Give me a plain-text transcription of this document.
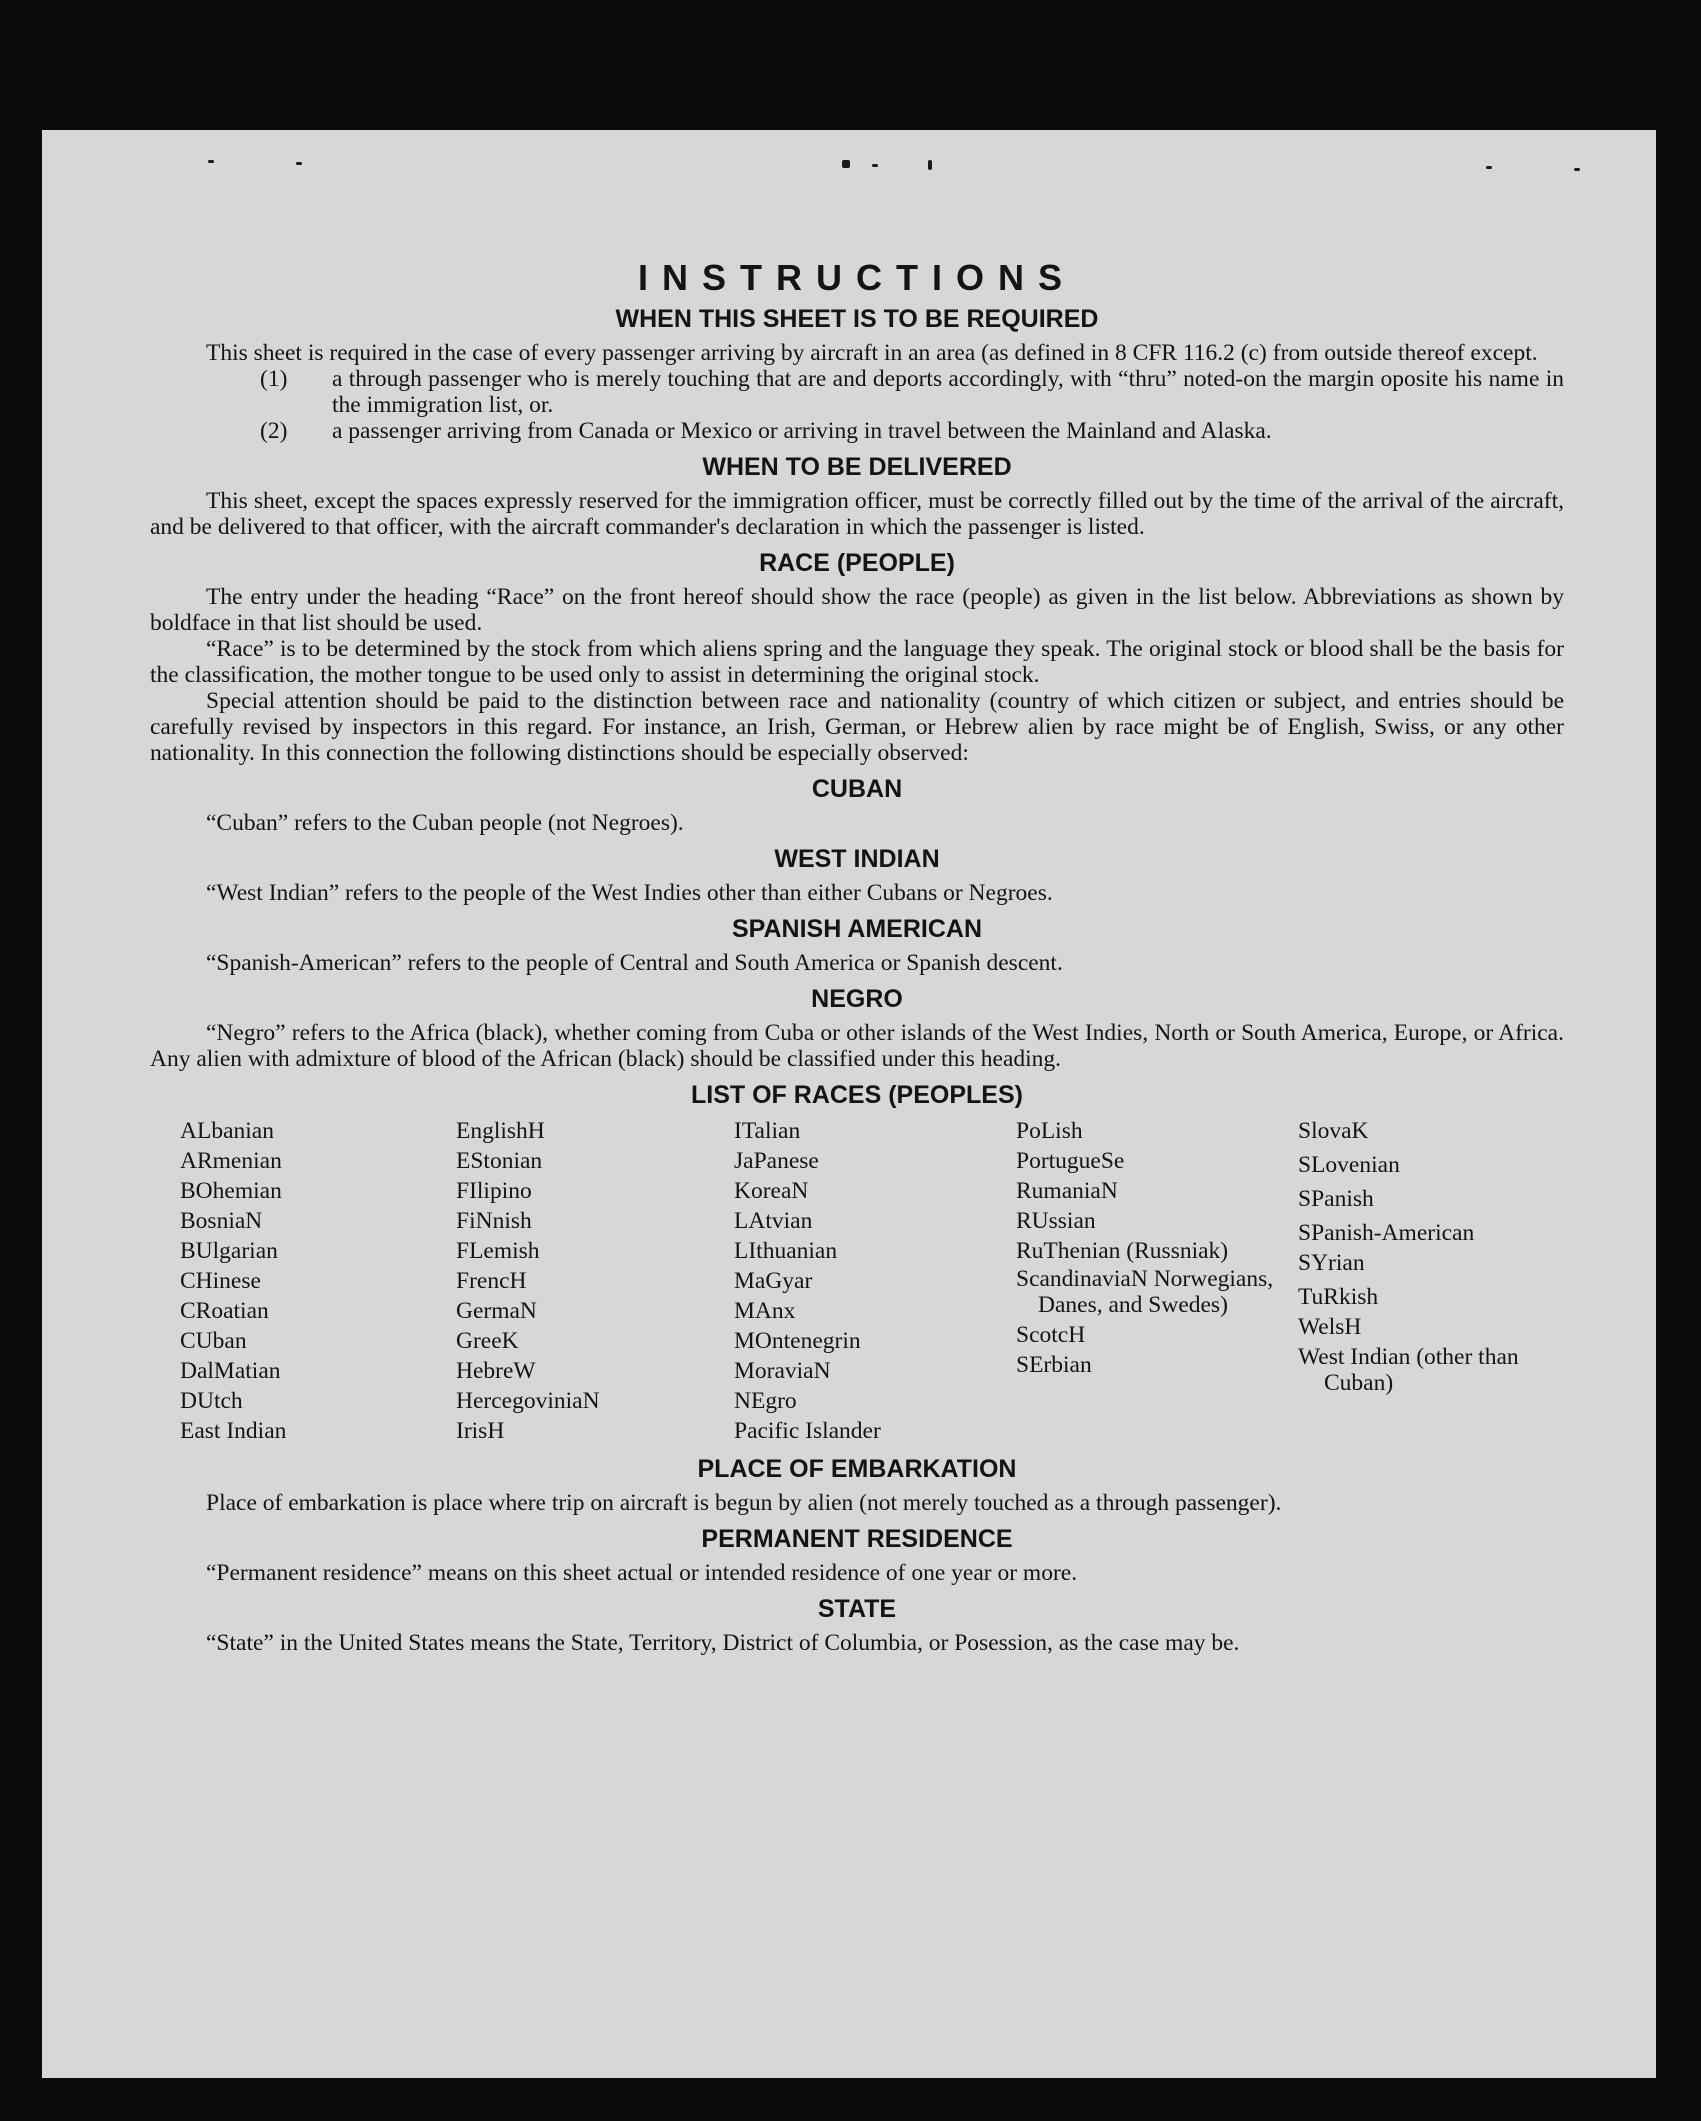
INSTRUCTIONS
WHEN THIS SHEET IS TO BE REQUIRED

This sheet is required in the case of every passenger arriving by aircraft in an area (as defined in 8 CFR 116.2 (c) from outside thereof except.

(1)	a through passenger who is merely touching that are and deports accordingly, with “thru” noted-on the margin oposite his name in the immigration list, or.
(2)	a passenger arriving from Canada or Mexico or arriving in travel between the Mainland and Alaska.
WHEN TO BE DELIVERED

This sheet, except the spaces expressly reserved for the immigration officer, must be correctly filled out by the time of the arrival of the aircraft, and be delivered to that officer, with the aircraft commander's declaration in which the passenger is listed.

RACE (PEOPLE)

The entry under the heading “Race” on the front hereof should show the race (people) as given in the list below. Abbreviations as shown by boldface in that list should be used.

“Race” is to be determined by the stock from which aliens spring and the language they speak. The original stock or blood shall be the basis for the classification, the mother tongue to be used only to assist in determining the original stock.

Special attention should be paid to the distinction between race and nationality (country of which citizen or subject, and entries should be carefully revised by inspectors in this regard. For instance, an Irish, German, or Hebrew alien by race might be of English, Swiss, or any other nationality. In this connection the following distinctions should be especially observed:

CUBAN

“Cuban” refers to the Cuban people (not Negroes).

WEST INDIAN

“West Indian” refers to the people of the West Indies other than either Cubans or Negroes.

SPANISH AMERICAN

“Spanish-American” refers to the people of Central and South America or Spanish descent.

NEGRO

“Negro” refers to the Africa (black), whether coming from Cuba or other islands of the West Indies, North or South America, Europe, or Africa. Any alien with admixture of blood of the African (black) should be classified under this heading.

LIST OF RACES (PEOPLES)
ALbanian
ARmenian
BOhemian
BosniaN
BUlgarian
CHinese
CRoatian
CUban
DalMatian
DUtch
East Indian
EnglishH
EStonian
FIlipino
FiNnish
FLemish
FrencH
GermaN
GreeK
HebreW
HercegoviniaN
IrisH
ITalian
JaPanese
KoreaN
LAtvian
LIthuanian
MaGyar
MAnx
MOntenegrin
MoraviaN
NEgro
Pacific Islander
PoLish
PortugueSe
RumaniaN
RUssian
RuThenian (Russniak)
ScandinaviaN Norwegians, Danes, and Swedes)
ScotcH
SErbian
SlovaK
SLovenian
SPanish
SPanish-American
SYrian
TuRkish
WelsH
West Indian (other than Cuban)
PLACE OF EMBARKATION

Place of embarkation is place where trip on aircraft is begun by alien (not merely touched as a through passenger).

PERMANENT RESIDENCE

“Permanent residence” means on this sheet actual or intended residence of one year or more.

STATE

“State” in the United States means the State, Territory, District of Columbia, or Posession, as the case may be.
